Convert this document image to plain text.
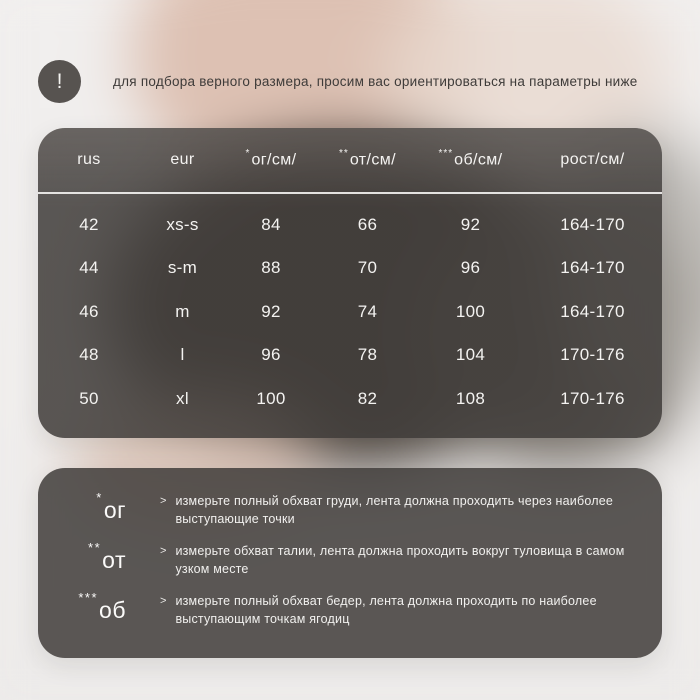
!	для подбора верного размера, просим вас ориентироваться на параметры ниже
rus	eur	*ог/см/	**от/см/	***об/см/	рост/см/
42	xs-s	84	66	92	164-170
44	s-m	88	70	96	164-170
46	m	92	74	100	164-170
48	l	96	78	104	170-176
50	xl	100	82	108	170-176
*ог	> измерьте полный обхват груди, лента должна проходить через наиболее выступающие точки

**от	> измерьте обхват талии, лента должна проходить вокруг туловища в самом узком месте

***об	> измерьте полный обхват бедер, лента должна проходить по наиболее выступающим точкам ягодиц
